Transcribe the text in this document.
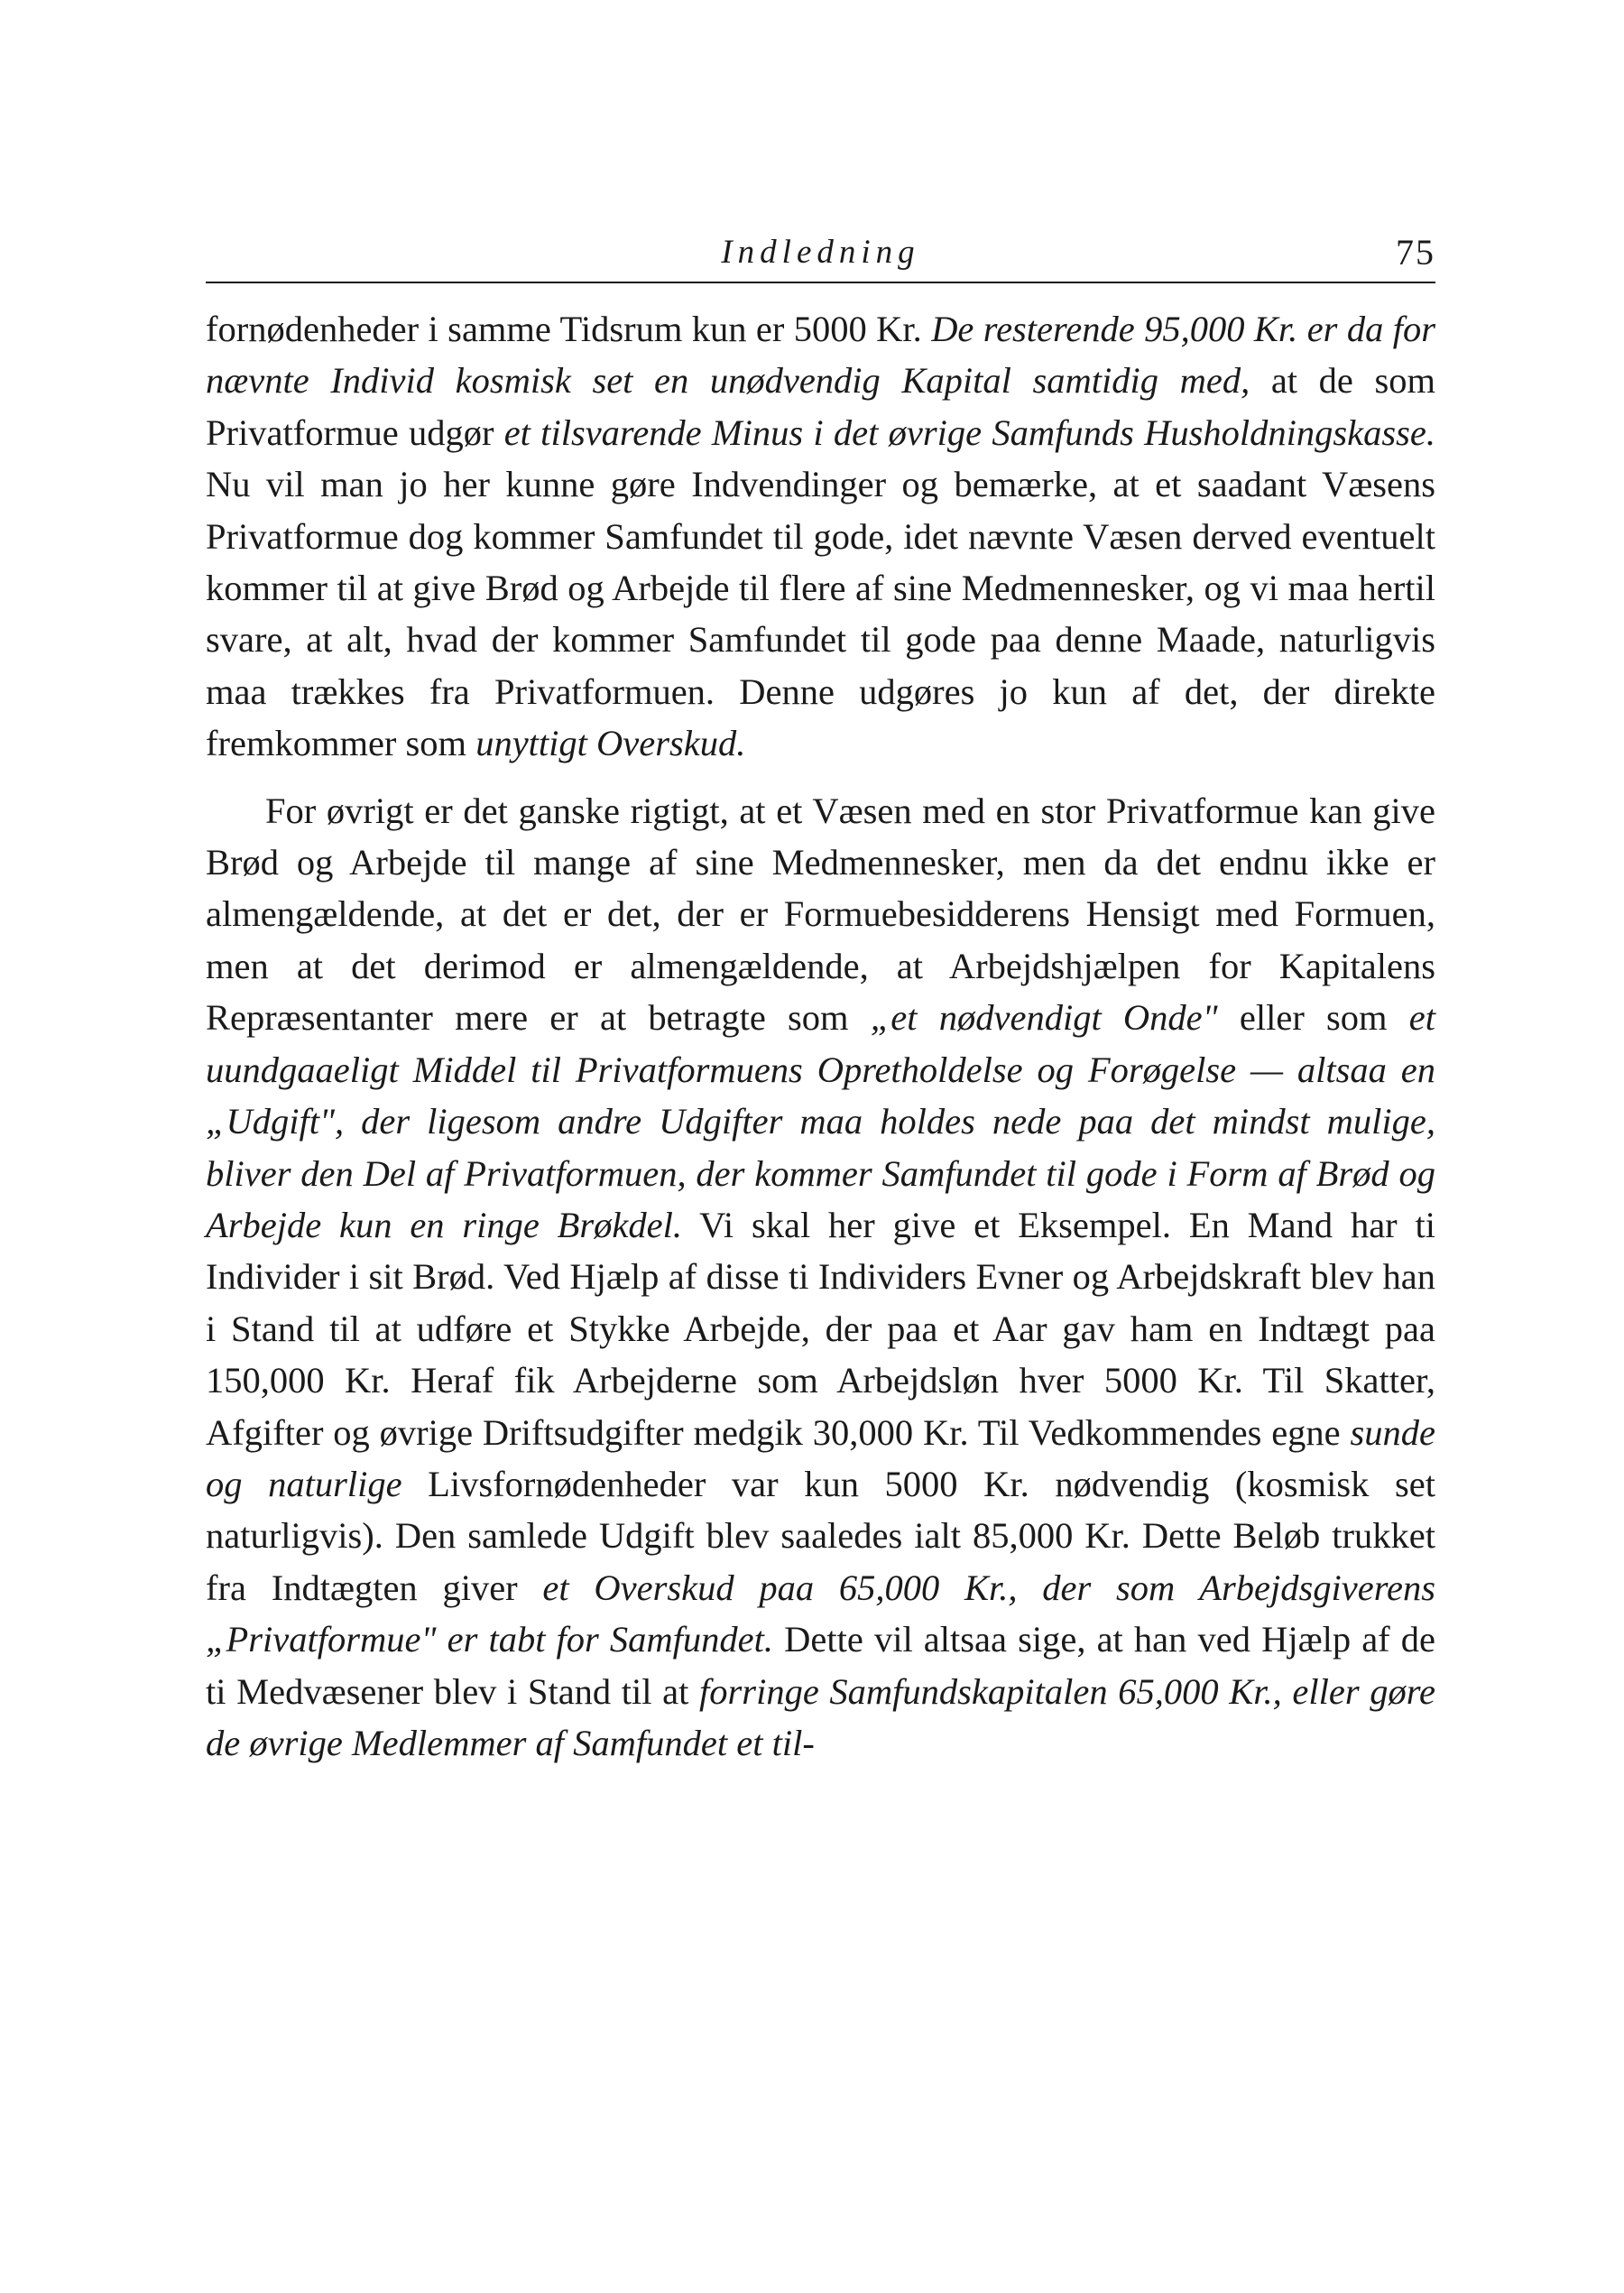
Indledning	75

fornødenheder i samme Tidsrum kun er 5000 Kr. De resterende 95,000 Kr. er da for nævnte Individ kosmisk set en unødvendig Kapital samtidig med, at de som Privatformue udgør et tilsvarende Minus i det øvrige Samfunds Husholdningskasse. Nu vil man jo her kunne gøre Indvendinger og bemærke, at et saadant Væsens Privatformue dog kommer Samfundet til gode, idet nævnte Væsen derved eventuelt kommer til at give Brød og Arbejde til flere af sine Medmennesker, og vi maa hertil svare, at alt, hvad der kommer Samfundet til gode paa denne Maade, naturligvis maa trækkes fra Privatformuen. Denne udgøres jo kun af det, der direkte fremkommer som unyttigt Overskud.

For øvrigt er det ganske rigtigt, at et Væsen med en stor Privatformue kan give Brød og Arbejde til mange af sine Medmennesker, men da det endnu ikke er almengældende, at det er det, der er Formuebesidderens Hensigt med Formuen, men at det derimod er almengældende, at Arbejdshjælpen for Kapitalens Repræsentanter mere er at betragte som „et nødvendigt Onde" eller som et uundgaaeligt Middel til Privatformuens Opretholdelse og Forøgelse — altsaa en „Udgift", der ligesom andre Udgifter maa holdes nede paa det mindst mulige, bliver den Del af Privatformuen, der kommer Samfundet til gode i Form af Brød og Arbejde kun en ringe Brøkdel. Vi skal her give et Eksempel. En Mand har ti Individer i sit Brød. Ved Hjælp af disse ti Individers Evner og Arbejdskraft blev han i Stand til at udføre et Stykke Arbejde, der paa et Aar gav ham en Indtægt paa 150,000 Kr. Heraf fik Arbejderne som Arbejdsløn hver 5000 Kr. Til Skatter, Afgifter og øvrige Driftsudgifter medgik 30,000 Kr. Til Vedkommendes egne sunde og naturlige Livsfornødenheder var kun 5000 Kr. nødvendig (kosmisk set naturligvis). Den samlede Udgift blev saaledes ialt 85,000 Kr. Dette Beløb trukket fra Indtægten giver et Overskud paa 65,000 Kr., der som Arbejdsgiverens „Privatformue" er tabt for Samfundet. Dette vil altsaa sige, at han ved Hjælp af de ti Medvæsener blev i Stand til at forringe Samfundskapitalen 65,000 Kr., eller gøre de øvrige Medlemmer af Samfundet et til-
